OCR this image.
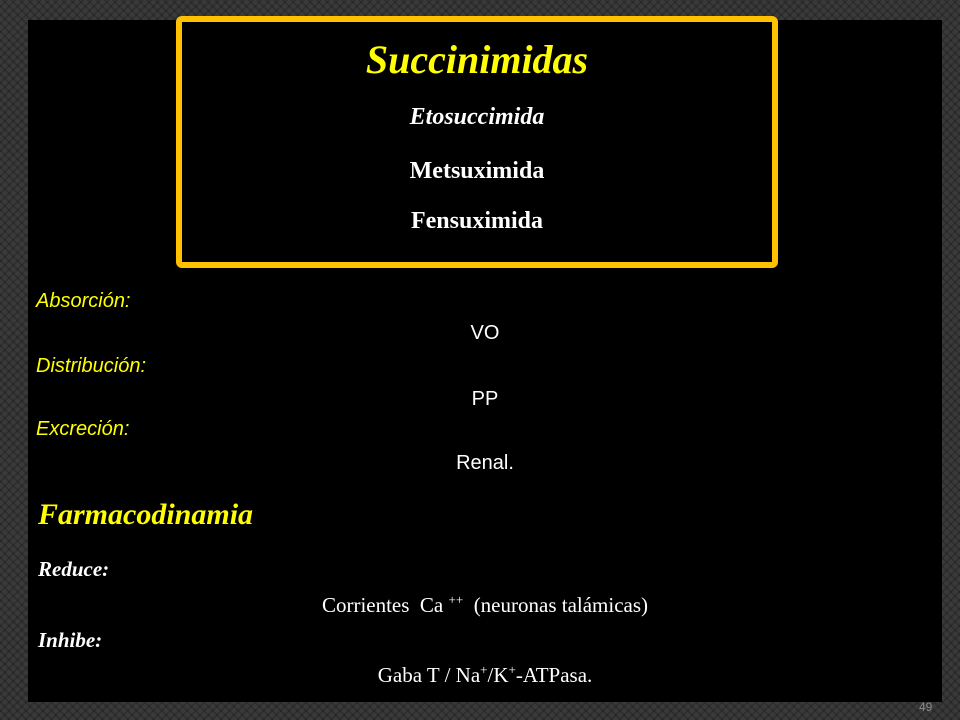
Succinimidas
Etosuccimida
Metsuximida
Fensuximida
Absorción:
VO
Distribución:
PP
Excreción:
Renal.
Farmacodinamia
Reduce:
Corrientes  Ca ++  (neuronas talámicas)
Inhibe:
Gaba T / Na+/K+-ATPasa.
49
